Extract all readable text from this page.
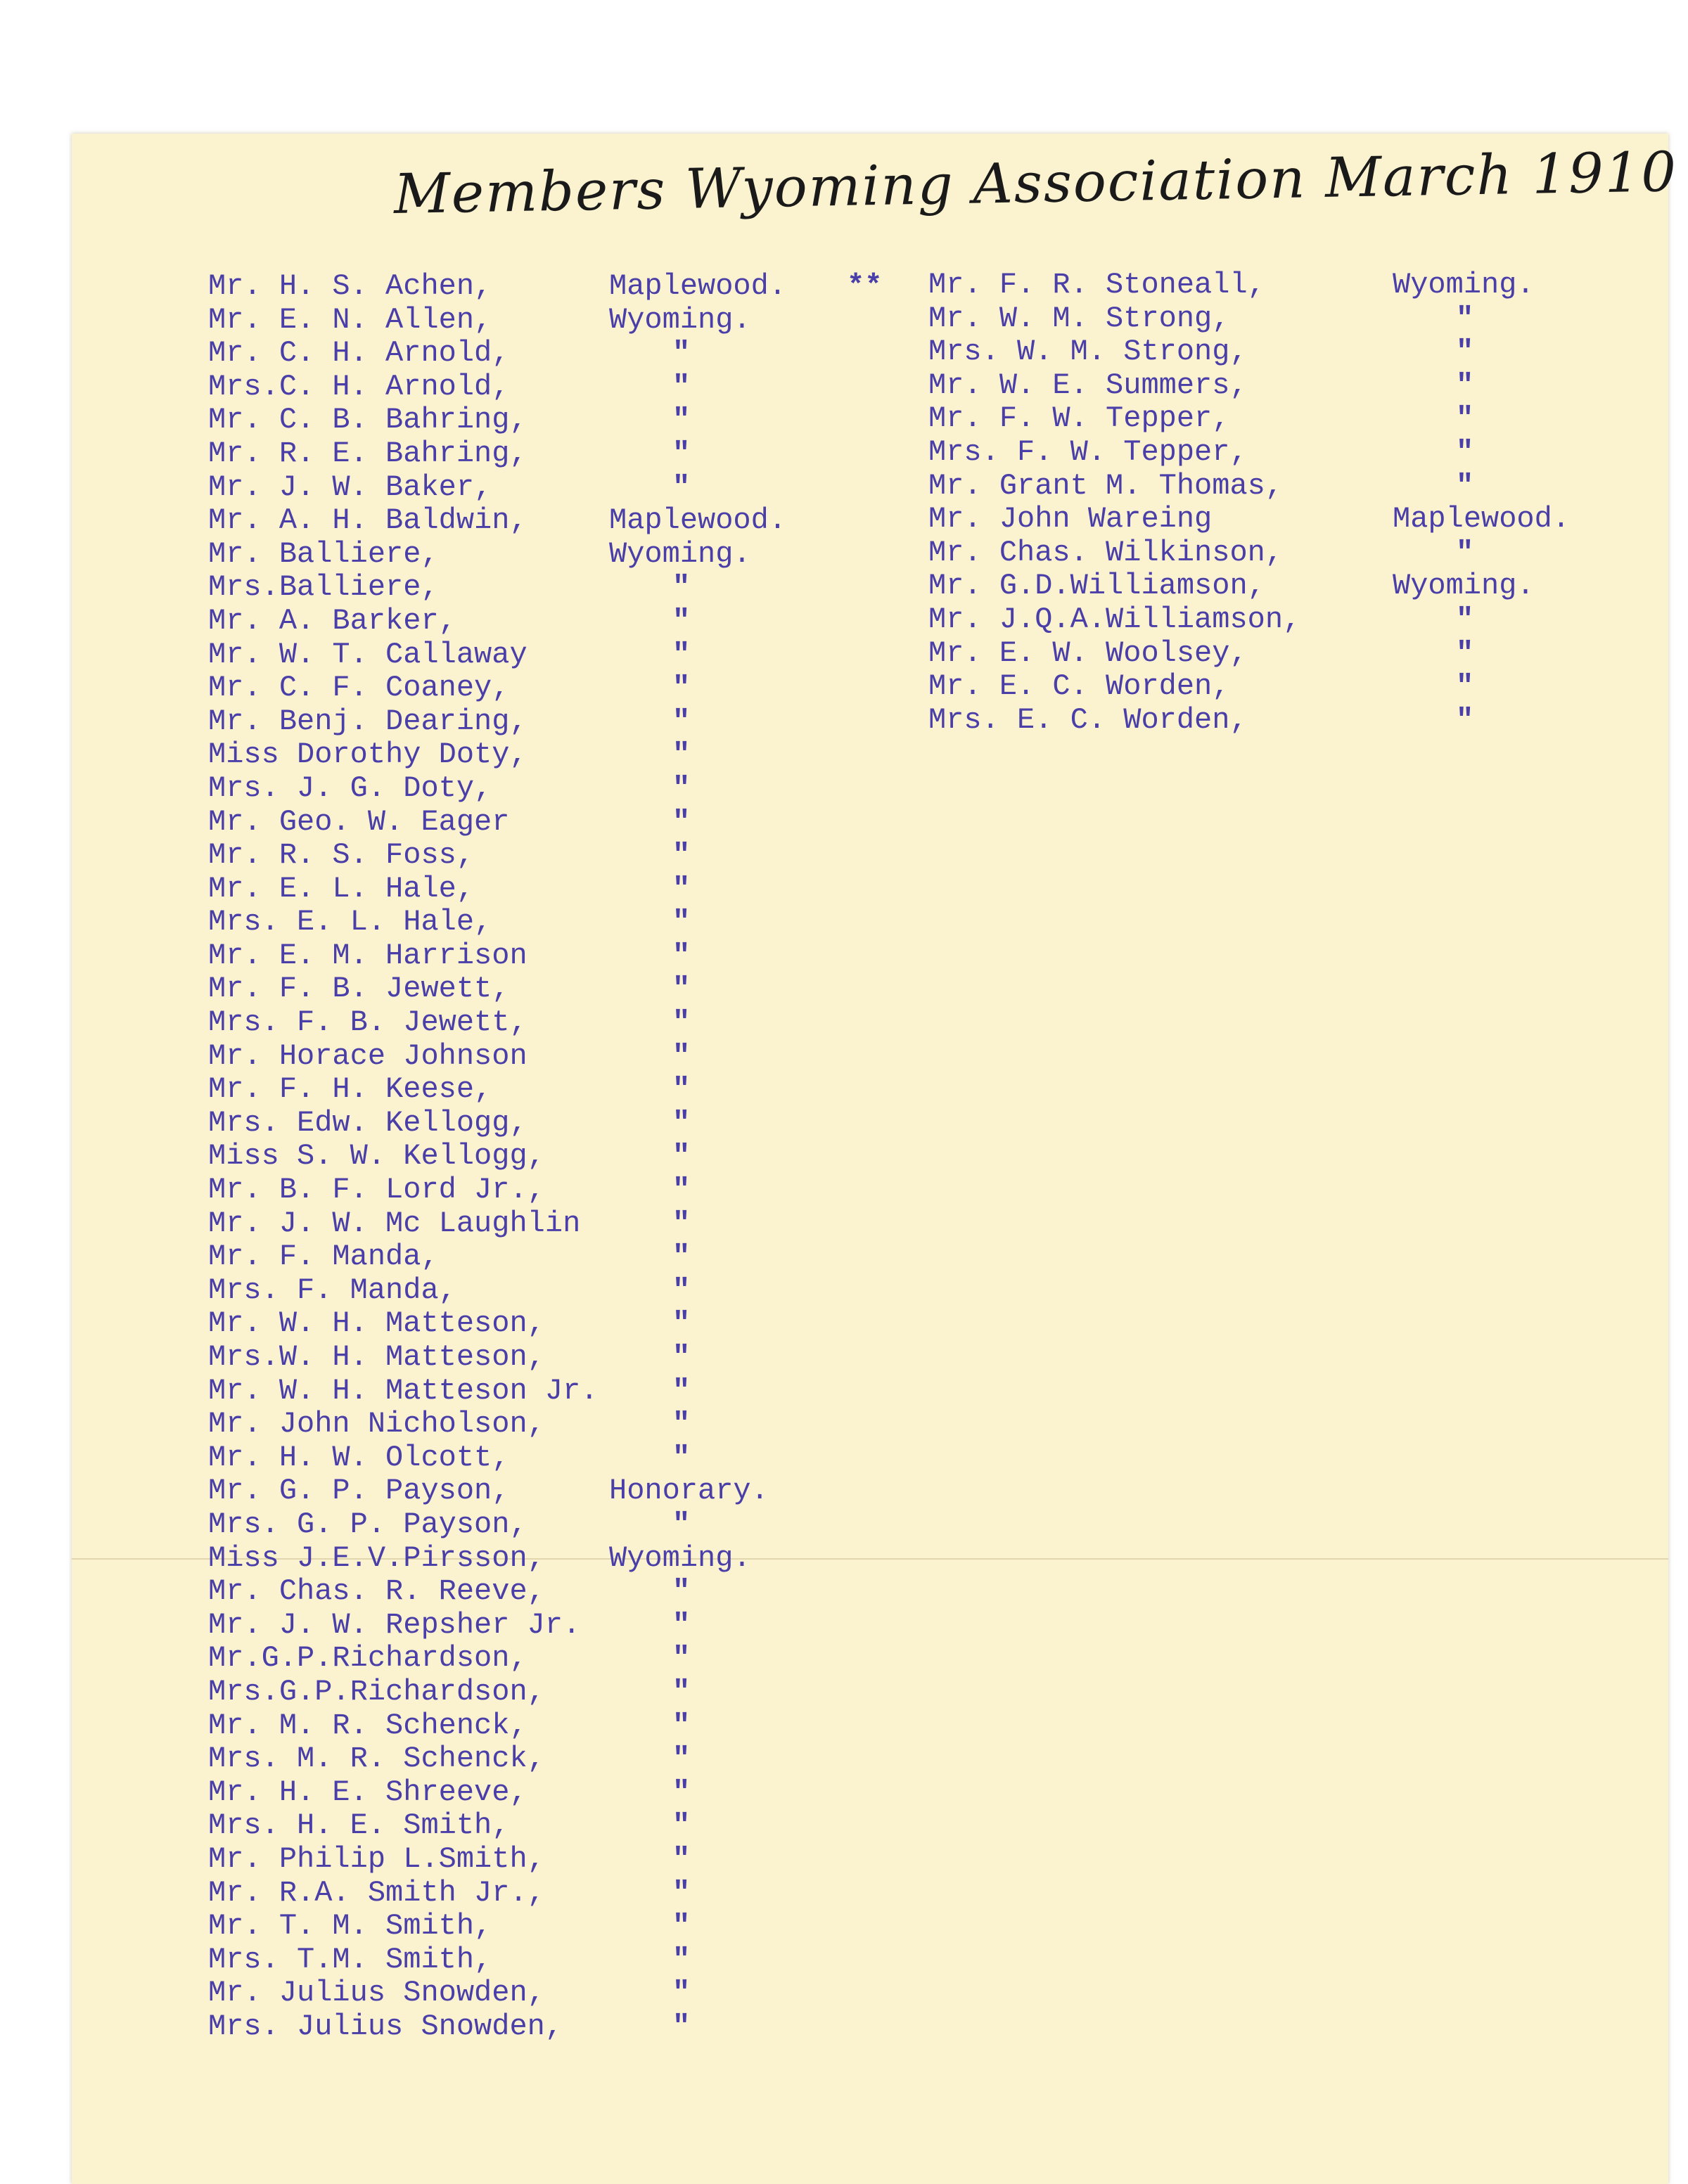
Members Wyoming Association March 1910
**
Mr. H. S. Achen,	Maplewood.
Mr. E. N. Allen,	Wyoming.
Mr. C. H. Arnold,	"
Mrs.C. H. Arnold,	"
Mr. C. B. Bahring,	"
Mr. R. E. Bahring,	"
Mr. J. W. Baker,	"
Mr. A. H. Baldwin,	Maplewood.
Mr. Balliere,	Wyoming.
Mrs.Balliere,	"
Mr. A. Barker,	"
Mr. W. T. Callaway	"
Mr. C. F. Coaney,	"
Mr. Benj. Dearing,	"
Miss Dorothy Doty,	"
Mrs. J. G. Doty,	"
Mr. Geo. W. Eager	"
Mr. R. S. Foss,	"
Mr. E. L. Hale,	"
Mrs. E. L. Hale,	"
Mr. E. M. Harrison	"
Mr. F. B. Jewett,	"
Mrs. F. B. Jewett,	"
Mr. Horace Johnson	"
Mr. F. H. Keese,	"
Mrs. Edw. Kellogg,	"
Miss S. W. Kellogg,	"
Mr. B. F. Lord Jr.,	"
Mr. J. W. Mc Laughlin	"
Mr. F. Manda,	"
Mrs. F. Manda,	"
Mr. W. H. Matteson,	"
Mrs.W. H. Matteson,	"
Mr. W. H. Matteson Jr.	"
Mr. John Nicholson,	"
Mr. H. W. Olcott,	"
Mr. G. P. Payson,	Honorary.
Mrs. G. P. Payson,	"
Miss J.E.V.Pirsson, Wyoming.
Mr. Chas. R. Reeve,	"
Mr. J. W. Repsher Jr.	"
Mr.G.P.Richardson,	"
Mrs.G.P.Richardson,	"
Mr. M. R. Schenck,	"
Mrs. M. R. Schenck,	"
Mr. H. E. Shreeve,	"
Mrs. H. E. Smith,	"
Mr. Philip L.Smith,	"
Mr. R.A. Smith Jr.,	"
Mr. T. M. Smith,	"
Mrs. T.M. Smith,	"
Mr. Julius Snowden,	"
Mrs. Julius Snowden,	"
Mr. F. R. Stoneall,	Wyoming.
Mr. W. M. Strong,	"
Mrs. W. M. Strong,	"
Mr. W. E. Summers,	"
Mr. F. W. Tepper,	"
Mrs. F. W. Tepper,	"
Mr. Grant M. Thomas,	"
Mr. John Wareing	Maplewood.
Mr. Chas. Wilkinson,	"
Mr. G.D.Williamson,	Wyoming.
Mr. J.Q.A.Williamson,	"
Mr. E. W. Woolsey,	"
Mr. E. C. Worden,	"
Mrs. E. C. Worden,	"
